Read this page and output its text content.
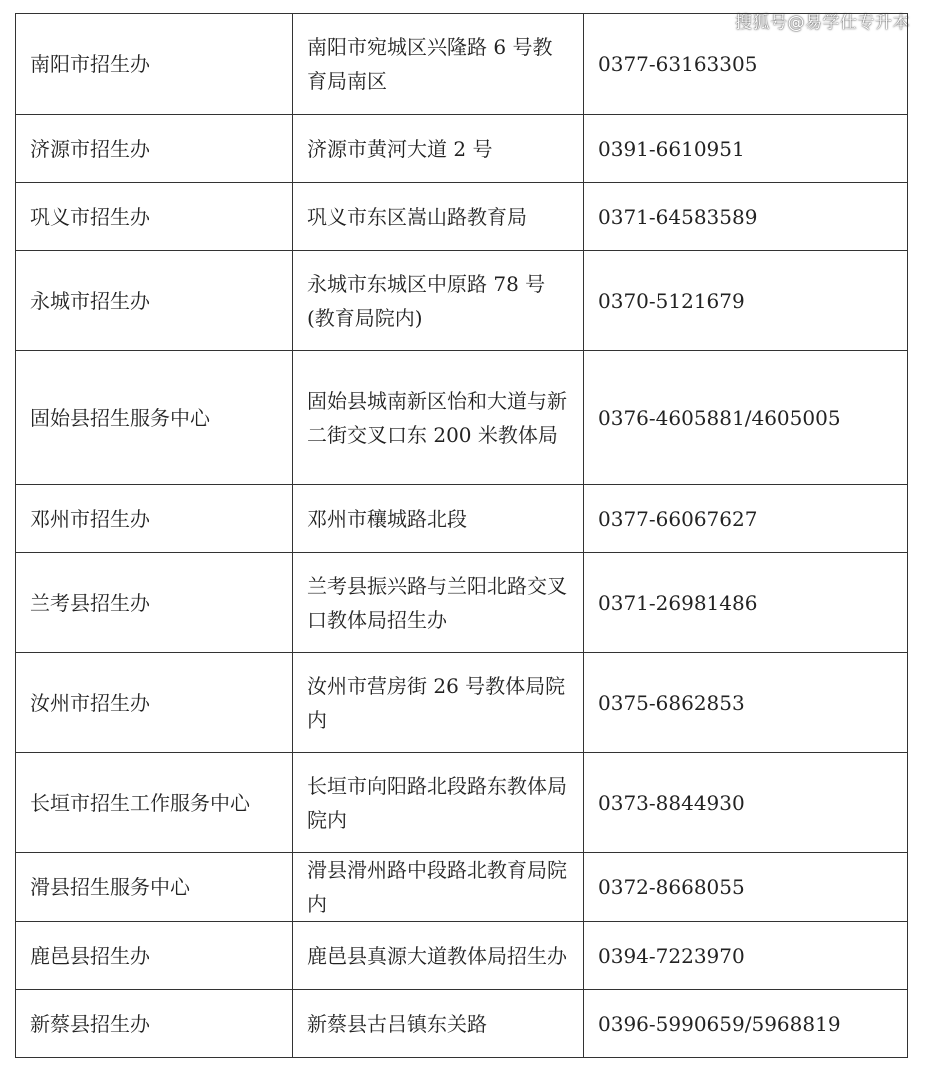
搜狐号@易学仕专升本
南阳市招生办	南阳市宛城区兴隆路 6 号教育局南区	0377-63163305
济源市招生办	济源市黄河大道 2 号	0391-6610951
巩义市招生办	巩义市东区嵩山路教育局	0371-64583589
永城市招生办	永城市东城区中原路 78 号(教育局院内)	0370-5121679
固始县招生服务中心	固始县城南新区怡和大道与新二街交叉口东 200 米教体局	0376-4605881/4605005
邓州市招生办	邓州市穰城路北段	0377-66067627
兰考县招生办	兰考县振兴路与兰阳北路交叉口教体局招生办	0371-26981486
汝州市招生办	汝州市营房街 26 号教体局院内	0375-6862853
长垣市招生工作服务中心	长垣市向阳路北段路东教体局院内	0373-8844930
滑县招生服务中心	滑县滑州路中段路北教育局院内	0372-8668055
鹿邑县招生办	鹿邑县真源大道教体局招生办	0394-7223970
新蔡县招生办	新蔡县古吕镇东关路	0396-5990659/5968819
